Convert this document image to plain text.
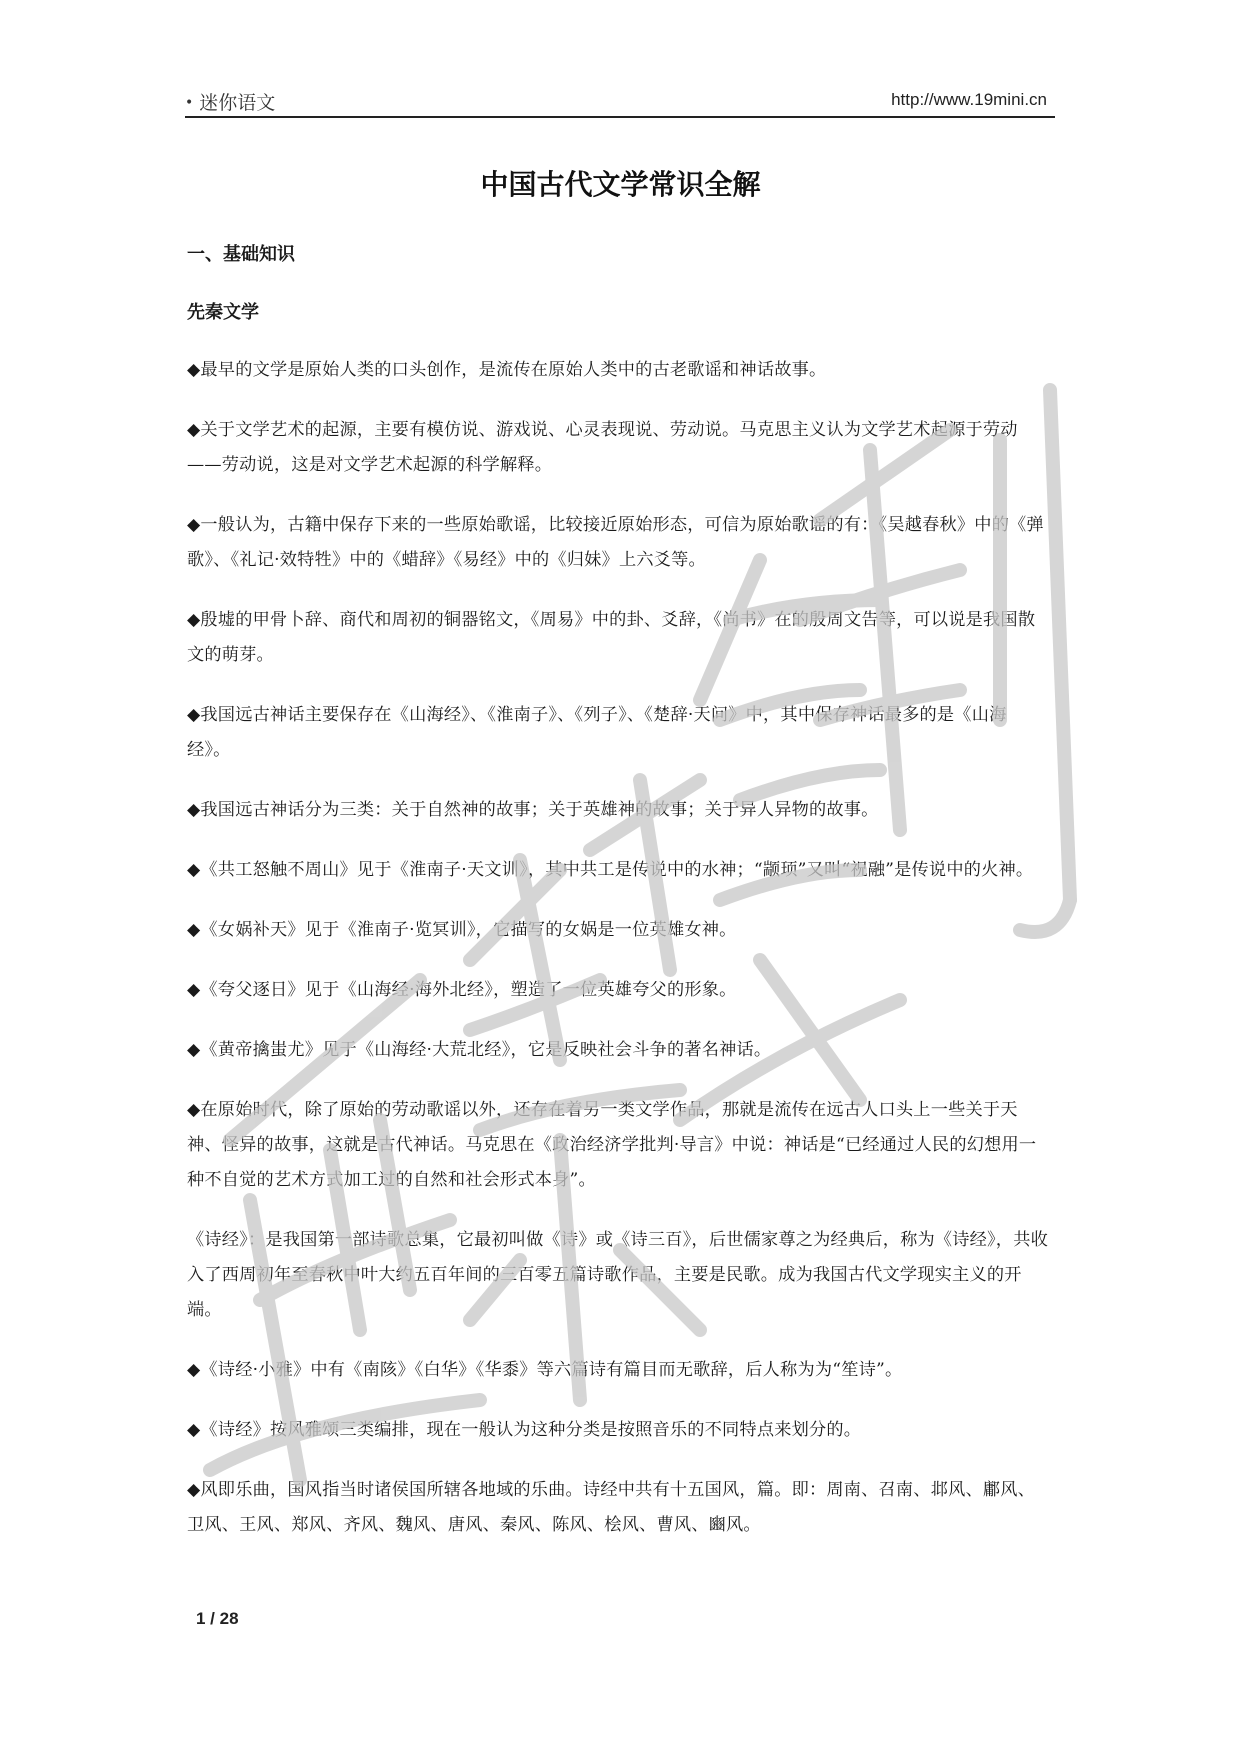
• 迷你语文	http://www.19mini.cn
中国古代文学常识全解
一、基础知识
先秦文学

◆最早的文学是原始人类的口头创作，是流传在原始人类中的古老歌谣和神话故事。

◆关于文学艺术的起源，主要有模仿说、游戏说、心灵表现说、劳动说。马克思主义认为文学艺术起源于劳动——劳动说，这是对文学艺术起源的科学解释。

◆一般认为，古籍中保存下来的一些原始歌谣，比较接近原始形态，可信为原始歌谣的有：《吴越春秋》中的《弹歌》、《礼记·效特牲》中的《蜡辞》《易经》中的《归妹》上六爻等。

◆殷墟的甲骨卜辞、商代和周初的铜器铭文，《周易》中的卦、爻辞，《尚书》在的殷周文告等，可以说是我国散文的萌芽。

◆我国远古神话主要保存在《山海经》、《淮南子》、《列子》、《楚辞·天问》中，其中保存神话最多的是《山海经》。

◆我国远古神话分为三类：关于自然神的故事；关于英雄神的故事；关于异人异物的故事。

◆《共工怒触不周山》见于《淮南子·天文训》，其中共工是传说中的水神；“颛顼”又叫“祝融”是传说中的火神。

◆《女娲补天》见于《淮南子·览冥训》，它描写的女娲是一位英雄女神。

◆《夸父逐日》见于《山海经·海外北经》，塑造了一位英雄夸父的形象。

◆《黄帝擒蚩尤》见于《山海经·大荒北经》，它是反映社会斗争的著名神话。

◆在原始时代，除了原始的劳动歌谣以外，还存在着另一类文学作品，那就是流传在远古人口头上一些关于天神、怪异的故事，这就是古代神话。马克思在《政治经济学批判·导言》中说：神话是“已经通过人民的幻想用一种不自觉的艺术方式加工过的自然和社会形式本身”。

《诗经》：是我国第一部诗歌总集，它最初叫做《诗》或《诗三百》，后世儒家尊之为经典后，称为《诗经》，共收入了西周初年至春秋中叶大约五百年间的三百零五篇诗歌作品，主要是民歌。成为我国古代文学现实主义的开端。

◆《诗经·小雅》中有《南陔》《白华》《华黍》等六篇诗有篇目而无歌辞，后人称为为“笙诗”。

◆《诗经》按风雅颂三类编排，现在一般认为这种分类是按照音乐的不同特点来划分的。

◆风即乐曲，国风指当时诸侯国所辖各地域的乐曲。诗经中共有十五国风，篇。即：周南、召南、邶风、鄘风、卫风、王风、郑风、齐风、魏风、唐风、秦风、陈风、桧风、曹风、豳风。

1 / 28
